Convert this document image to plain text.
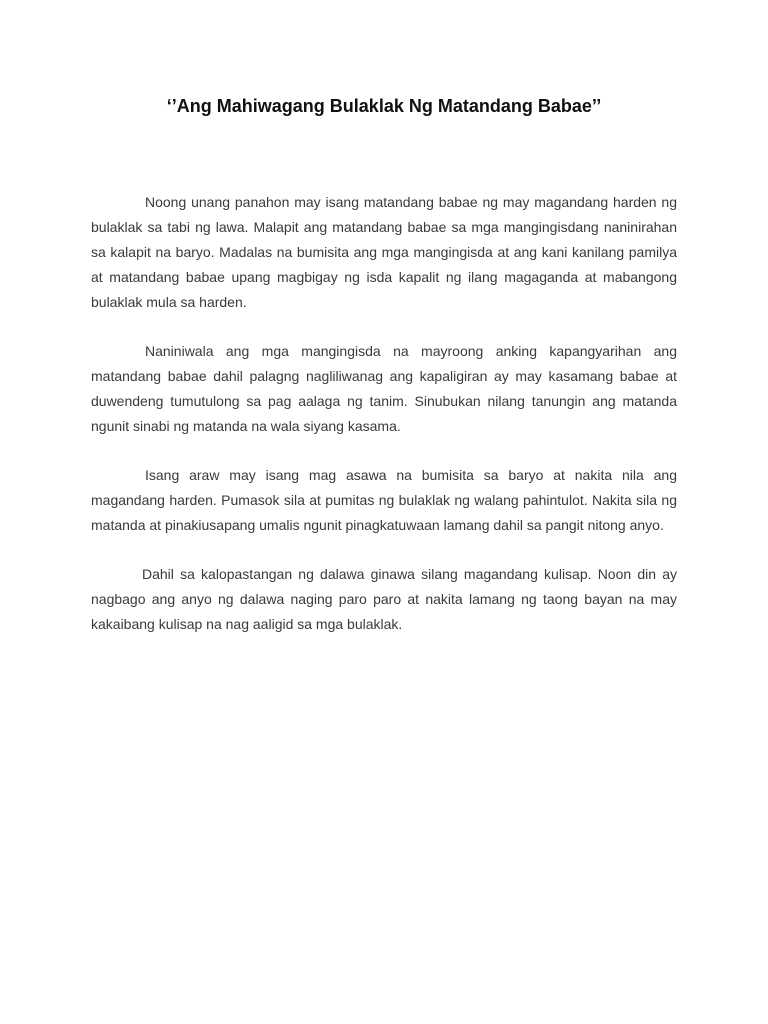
‘’Ang Mahiwagang Bulaklak Ng Matandang Babae’’

Noong unang panahon may isang matandang babae ng may magandang harden ng bulaklak sa tabi ng lawa. Malapit ang matandang babae sa mga mangingisdang naninirahan sa kalapit na baryo. Madalas na bumisita ang mga mangingisda at ang kani kanilang pamilya at matandang babae upang magbigay ng isda kapalit ng ilang magaganda at mabangong bulaklak mula sa harden.

Naniniwala ang mga mangingisda na mayroong anking kapangyarihan ang matandang babae dahil palagng nagliliwanag ang kapaligiran ay may kasamang babae at duwendeng tumutulong sa pag aalaga ng tanim. Sinubukan nilang tanungin ang matanda ngunit sinabi ng matanda na wala siyang kasama.

Isang araw may isang mag asawa na bumisita sa baryo at nakita nila ang magandang harden. Pumasok sila at pumitas ng bulaklak ng walang pahintulot. Nakita sila ng matanda at pinakiusapang umalis ngunit pinagkatuwaan lamang dahil sa pangit nitong anyo.

Dahil sa kalopastangan ng dalawa ginawa silang magandang kulisap. Noon din ay nagbago ang anyo ng dalawa naging paro paro at nakita lamang ng taong bayan na may kakaibang kulisap na nag aaligid sa mga bulaklak.
